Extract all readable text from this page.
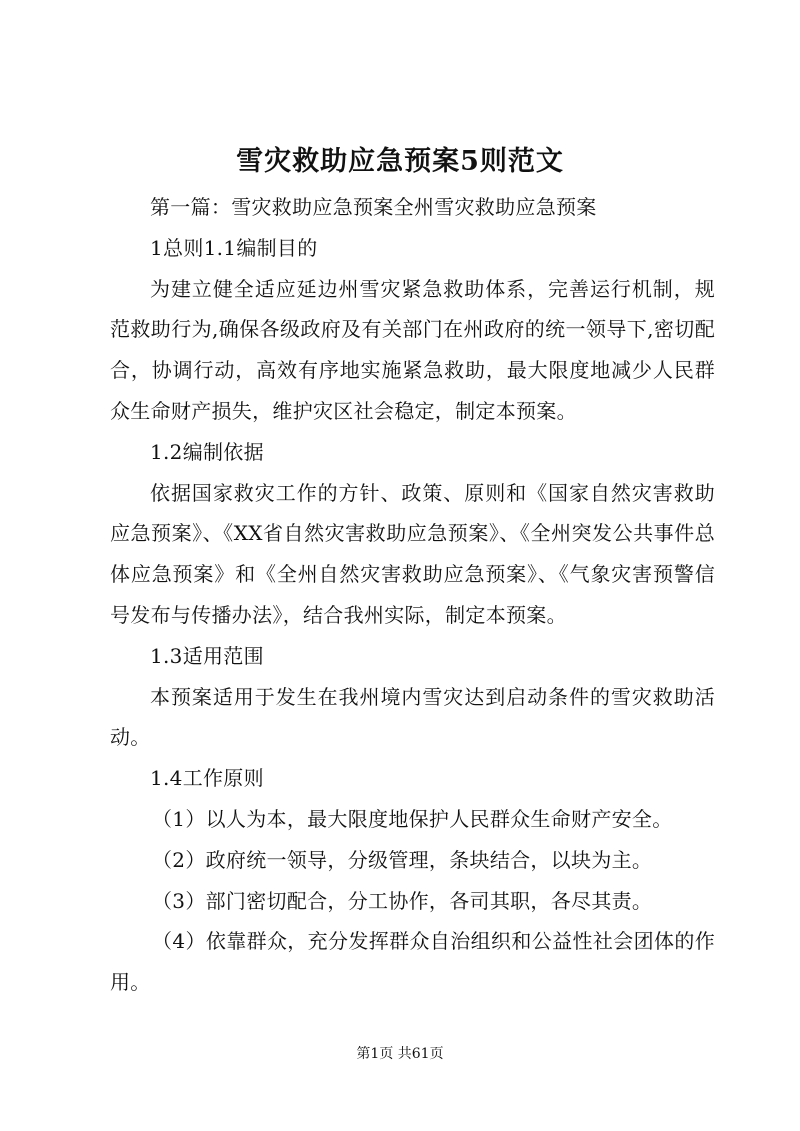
雪灾救助应急预案5则范文

第一篇：雪灾救助应急预案全州雪灾救助应急预案

1总则1.1编制目的

为建立健全适应延边州雪灾紧急救助体系，完善运行机制，规范救助行为,确保各级政府及有关部门在州政府的统一领导下,密切配合，协调行动，高效有序地实施紧急救助，最大限度地减少人民群众生命财产损失，维护灾区社会稳定，制定本预案。

1.2编制依据

依据国家救灾工作的方针、政策、原则和《国家自然灾害救助应急预案》、《XX省自然灾害救助应急预案》、《全州突发公共事件总体应急预案》和《全州自然灾害救助应急预案》、《气象灾害预警信号发布与传播办法》，结合我州实际，制定本预案。

1.3适用范围

本预案适用于发生在我州境内雪灾达到启动条件的雪灾救助活动。

1.4工作原则

（1）以人为本，最大限度地保护人民群众生命财产安全。

（2）政府统一领导，分级管理，条块结合，以块为主。

（3）部门密切配合，分工协作，各司其职，各尽其责。

（4）依靠群众，充分发挥群众自治组织和公益性社会团体的作用。

第1页 共61页
